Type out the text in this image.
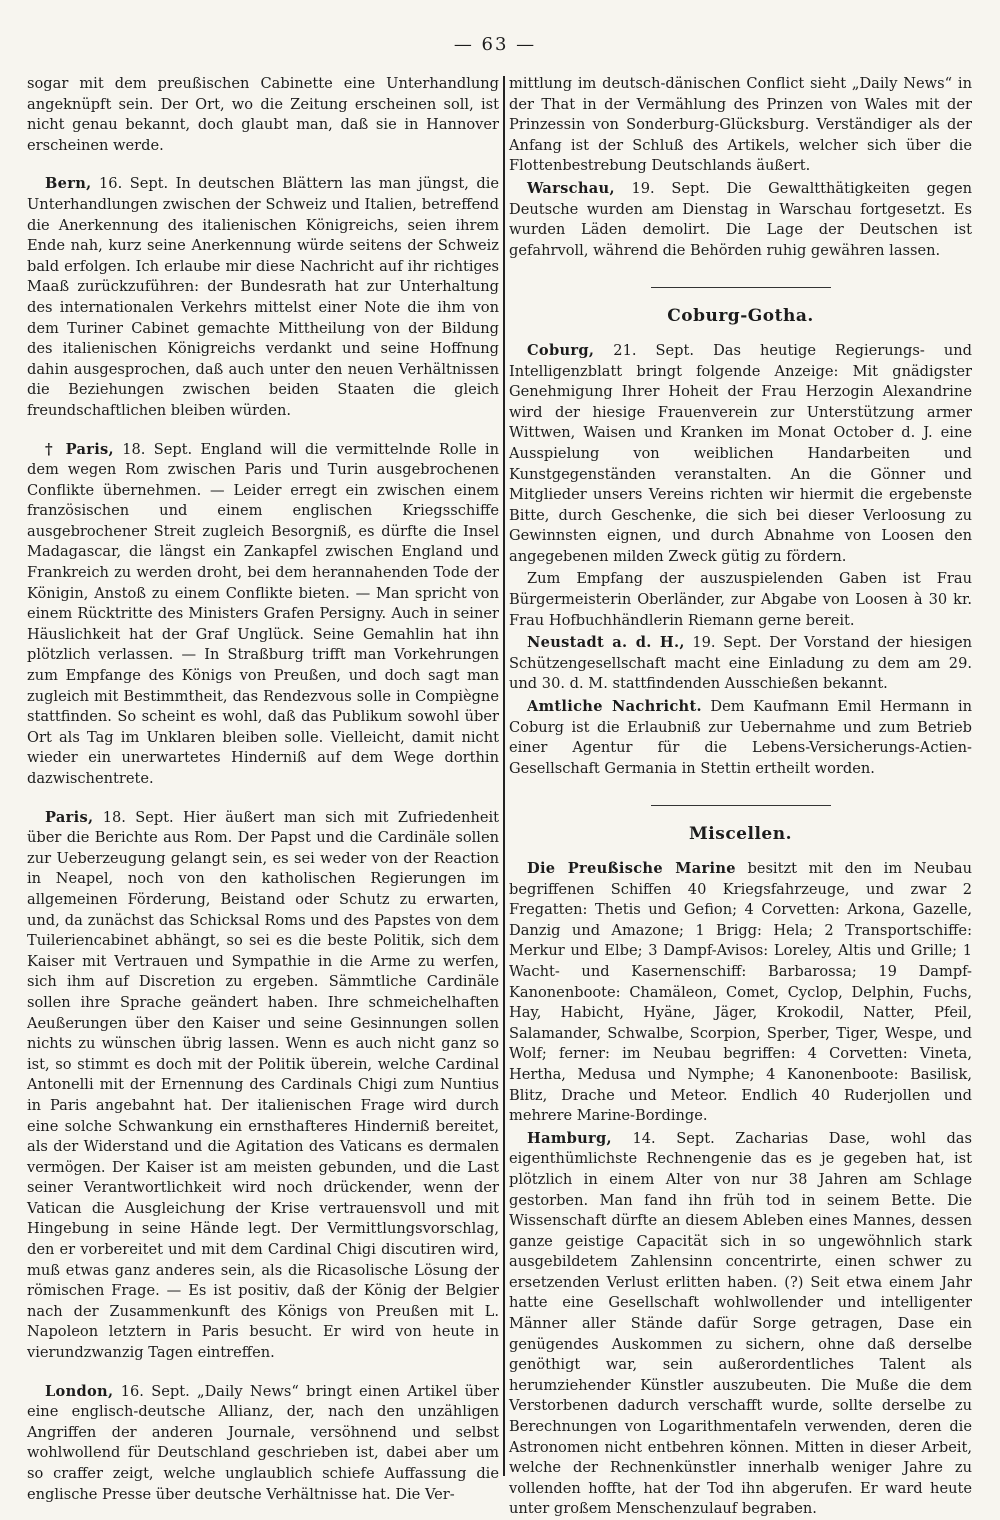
— 63 —

sogar mit dem preußischen Cabinette eine Unterhandlung angeknüpft sein. Der Ort, wo die Zeitung erscheinen soll, ist nicht genau bekannt, doch glaubt man, daß sie in Hannover erscheinen werde.

Bern, 16. Sept. In deutschen Blättern las man jüngst, die Unterhandlungen zwischen der Schweiz und Italien, betreffend die Anerkennung des italienischen Königreichs, seien ihrem Ende nah, kurz seine Anerkennung würde seitens der Schweiz bald erfolgen. Ich erlaube mir diese Nachricht auf ihr richtiges Maaß zurückzuführen: der Bundesrath hat zur Unterhaltung des internationalen Verkehrs mittelst einer Note die ihm von dem Turiner Cabinet gemachte Mittheilung von der Bildung des italienischen Königreichs verdankt und seine Hoffnung dahin ausgesprochen, daß auch unter den neuen Verhältnissen die Beziehungen zwischen beiden Staaten die gleich freundschaftlichen bleiben würden.

† Paris, 18. Sept. England will die vermittelnde Rolle in dem wegen Rom zwischen Paris und Turin ausgebrochenen Conflikte übernehmen. — Leider erregt ein zwischen einem französischen und einem englischen Kriegsschiffe ausgebrochener Streit zugleich Besorgniß, es dürfte die Insel Madagascar, die längst ein Zankapfel zwischen England und Frankreich zu werden droht, bei dem herannahenden Tode der Königin, Anstoß zu einem Conflikte bieten. — Man spricht von einem Rücktritte des Ministers Grafen Persigny. Auch in seiner Häuslichkeit hat der Graf Unglück. Seine Gemahlin hat ihn plötzlich verlassen. — In Straßburg trifft man Vorkehrungen zum Empfange des Königs von Preußen, und doch sagt man zugleich mit Bestimmtheit, das Rendezvous solle in Compiègne stattfinden. So scheint es wohl, daß das Publikum sowohl über Ort als Tag im Unklaren bleiben solle. Vielleicht, damit nicht wieder ein unerwartetes Hinderniß auf dem Wege dorthin dazwischentrete.

Paris, 18. Sept. Hier äußert man sich mit Zufriedenheit über die Berichte aus Rom. Der Papst und die Cardinäle sollen zur Ueberzeugung gelangt sein, es sei weder von der Reaction in Neapel, noch von den katholischen Regierungen im allgemeinen Förderung, Beistand oder Schutz zu erwarten, und, da zunächst das Schicksal Roms und des Papstes von dem Tuileriencabinet abhängt, so sei es die beste Politik, sich dem Kaiser mit Vertrauen und Sympathie in die Arme zu werfen, sich ihm auf Discretion zu ergeben. Sämmtliche Cardinäle sollen ihre Sprache geändert haben. Ihre schmeichelhaften Aeußerungen über den Kaiser und seine Gesinnungen sollen nichts zu wünschen übrig lassen. Wenn es auch nicht ganz so ist, so stimmt es doch mit der Politik überein, welche Cardinal Antonelli mit der Ernennung des Cardinals Chigi zum Nuntius in Paris angebahnt hat. Der italienischen Frage wird durch eine solche Schwankung ein ernsthafteres Hinderniß bereitet, als der Widerstand und die Agitation des Vaticans es dermalen vermögen. Der Kaiser ist am meisten gebunden, und die Last seiner Verantwortlichkeit wird noch drückender, wenn der Vatican die Ausgleichung der Krise vertrauensvoll und mit Hingebung in seine Hände legt. Der Vermittlungsvorschlag, den er vorbereitet und mit dem Cardinal Chigi discutiren wird, muß etwas ganz anderes sein, als die Ricasolische Lösung der römischen Frage. — Es ist positiv, daß der König der Belgier nach der Zusammenkunft des Königs von Preußen mit L. Napoleon letztern in Paris besucht. Er wird von heute in vierundzwanzig Tagen eintreffen.

London, 16. Sept. „Daily News“ bringt einen Artikel über eine englisch-deutsche Allianz, der, nach den unzähligen Angriffen der anderen Journale, versöhnend und selbst wohlwollend für Deutschland geschrieben ist, dabei aber um so craffer zeigt, welche unglaublich schiefe Auffassung die englische Presse über deutsche Verhältnisse hat. Die Ver-

mittlung im deutsch-dänischen Conflict sieht „Daily News“ in der That in der Vermählung des Prinzen von Wales mit der Prinzessin von Sonderburg-Glücksburg. Verständiger als der Anfang ist der Schluß des Artikels, welcher sich über die Flottenbestrebung Deutschlands äußert.

Warschau, 19. Sept. Die Gewaltthätigkeiten gegen Deutsche wurden am Dienstag in Warschau fortgesetzt. Es wurden Läden demolirt. Die Lage der Deutschen ist gefahrvoll, während die Behörden ruhig gewähren lassen.

Coburg-Gotha.

Coburg, 21. Sept. Das heutige Regierungs- und Intelligenzblatt bringt folgende Anzeige: Mit gnädigster Genehmigung Ihrer Hoheit der Frau Herzogin Alexandrine wird der hiesige Frauenverein zur Unterstützung armer Wittwen, Waisen und Kranken im Monat October d. J. eine Ausspielung von weiblichen Handarbeiten und Kunstgegenständen veranstalten. An die Gönner und Mitglieder unsers Vereins richten wir hiermit die ergebenste Bitte, durch Geschenke, die sich bei dieser Verloosung zu Gewinnsten eignen, und durch Abnahme von Loosen den angegebenen milden Zweck gütig zu fördern.

Zum Empfang der auszuspielenden Gaben ist Frau Bürgermeisterin Oberländer, zur Abgabe von Loosen à 30 kr. Frau Hofbuchhändlerin Riemann gerne bereit.

Neustadt a. d. H., 19. Sept. Der Vorstand der hiesigen Schützengesellschaft macht eine Einladung zu dem am 29. und 30. d. M. stattfindenden Ausschießen bekannt.

Amtliche Nachricht. Dem Kaufmann Emil Hermann in Coburg ist die Erlaubniß zur Uebernahme und zum Betrieb einer Agentur für die Lebens-Versicherungs-Actien-Gesellschaft Germania in Stettin ertheilt worden.

Miscellen.

Die Preußische Marine besitzt mit den im Neubau begriffenen Schiffen 40 Kriegsfahrzeuge, und zwar 2 Fregatten: Thetis und Gefion; 4 Corvetten: Arkona, Gazelle, Danzig und Amazone; 1 Brigg: Hela; 2 Transportschiffe: Merkur und Elbe; 3 Dampf-Avisos: Loreley, Altis und Grille; 1 Wacht- und Kasernenschiff: Barbarossa; 19 Dampf-Kanonenboote: Chamäleon, Comet, Cyclop, Delphin, Fuchs, Hay, Habicht, Hyäne, Jäger, Krokodil, Natter, Pfeil, Salamander, Schwalbe, Scorpion, Sperber, Tiger, Wespe, und Wolf; ferner: im Neubau begriffen: 4 Corvetten: Vineta, Hertha, Medusa und Nymphe; 4 Kanonenboote: Basilisk, Blitz, Drache und Meteor. Endlich 40 Ruderjollen und mehrere Marine-Bordinge.

Hamburg, 14. Sept. Zacharias Dase, wohl das eigenthümlichste Rechnengenie das es je gegeben hat, ist plötzlich in einem Alter von nur 38 Jahren am Schlage gestorben. Man fand ihn früh tod in seinem Bette. Die Wissenschaft dürfte an diesem Ableben eines Mannes, dessen ganze geistige Capacität sich in so ungewöhnlich stark ausgebildetem Zahlensinn concentrirte, einen schwer zu ersetzenden Verlust erlitten haben. (?) Seit etwa einem Jahr hatte eine Gesellschaft wohlwollender und intelligenter Männer aller Stände dafür Sorge getragen, Dase ein genügendes Auskommen zu sichern, ohne daß derselbe genöthigt war, sein außerordentliches Talent als herumziehender Künstler auszubeuten. Die Muße die dem Verstorbenen dadurch verschafft wurde, sollte derselbe zu Berechnungen von Logarithmentafeln verwenden, deren die Astronomen nicht entbehren können. Mitten in dieser Arbeit, welche der Rechnenkünstler innerhalb weniger Jahre zu vollenden hoffte, hat der Tod ihn abgerufen. Er ward heute unter großem Menschenzulauf begraben.
